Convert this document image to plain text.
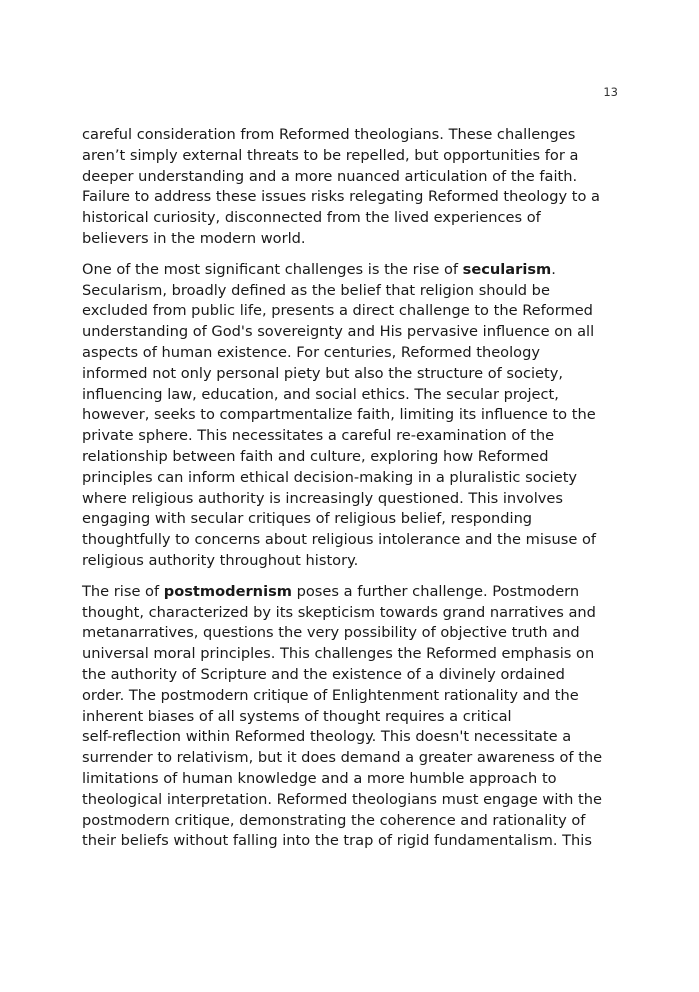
13

careful consideration from Reformed theologians. These challenges
aren’t simply external threats to be repelled, but opportunities for a
deeper understanding and a more nuanced articulation of the faith.
Failure to address these issues risks relegating Reformed theology to a
historical curiosity, disconnected from the lived experiences of
believers in the modern world.

One of the most significant challenges is the rise of secularism.
Secularism, broadly defined as the belief that religion should be
excluded from public life, presents a direct challenge to the Reformed
understanding of God's sovereignty and His pervasive influence on all
aspects of human existence. For centuries, Reformed theology
informed not only personal piety but also the structure of society,
influencing law, education, and social ethics. The secular project,
however, seeks to compartmentalize faith, limiting its influence to the
private sphere. This necessitates a careful re-examination of the
relationship between faith and culture, exploring how Reformed
principles can inform ethical decision-making in a pluralistic society
where religious authority is increasingly questioned. This involves
engaging with secular critiques of religious belief, responding
thoughtfully to concerns about religious intolerance and the misuse of
religious authority throughout history.

The rise of postmodernism poses a further challenge. Postmodern
thought, characterized by its skepticism towards grand narratives and
metanarratives, questions the very possibility of objective truth and
universal moral principles. This challenges the Reformed emphasis on
the authority of Scripture and the existence of a divinely ordained
order. The postmodern critique of Enlightenment rationality and the
inherent biases of all systems of thought requires a critical
self-reflection within Reformed theology. This doesn't necessitate a
surrender to relativism, but it does demand a greater awareness of the
limitations of human knowledge and a more humble approach to
theological interpretation. Reformed theologians must engage with the
postmodern critique, demonstrating the coherence and rationality of
their beliefs without falling into the trap of rigid fundamentalism. This
